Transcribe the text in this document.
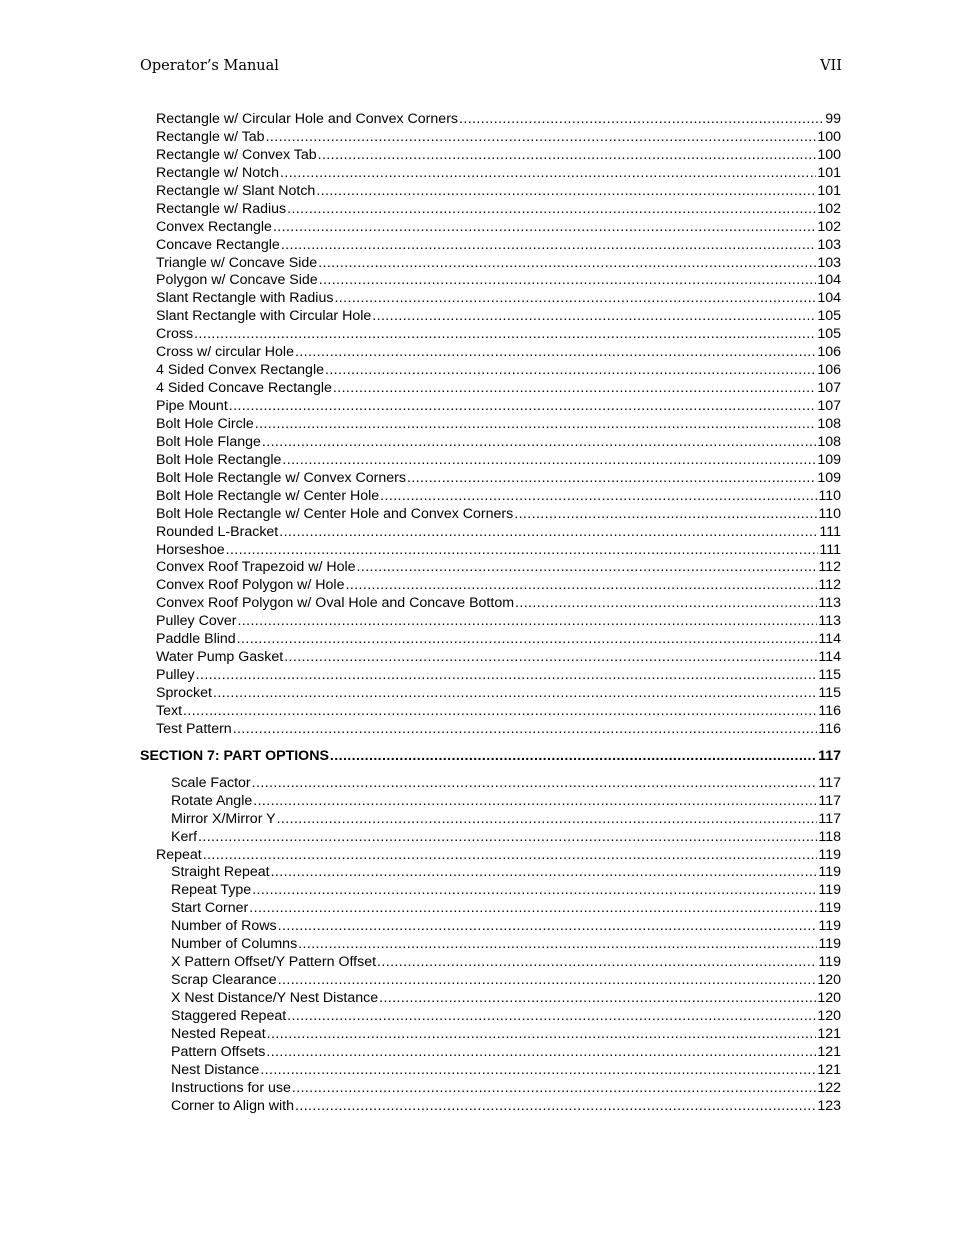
Operator’s Manual	VII
Rectangle w/ Circular Hole and Convex Corners .....	99
Rectangle w/ Tab .....	100
Rectangle w/ Convex Tab .....	100
Rectangle w/ Notch .....	101
Rectangle w/ Slant Notch .....	101
Rectangle w/ Radius .....	102
Convex Rectangle .....	102
Concave Rectangle .....	103
Triangle w/ Concave Side .....	103
Polygon w/ Concave Side .....	104
Slant Rectangle with Radius .....	104
Slant Rectangle with Circular Hole .....	105
Cross .....	105
Cross w/ circular Hole .....	106
4 Sided Convex Rectangle .....	106
4 Sided Concave Rectangle .....	107
Pipe Mount .....	107
Bolt Hole Circle .....	108
Bolt Hole Flange .....	108
Bolt Hole Rectangle .....	109
Bolt Hole Rectangle w/ Convex Corners .....	109
Bolt Hole Rectangle w/ Center Hole .....	110
Bolt Hole Rectangle w/ Center Hole and Convex Corners .....	110
Rounded L-Bracket .....	111
Horseshoe .....	111
Convex Roof Trapezoid w/ Hole .....	112
Convex Roof Polygon w/ Hole .....	112
Convex Roof Polygon w/ Oval Hole and Concave Bottom .....	113
Pulley Cover .....	113
Paddle Blind .....	114
Water Pump Gasket .....	114
Pulley .....	115
Sprocket .....	115
Text .....	116
Test Pattern .....	116
SECTION 7: PART OPTIONS .....	117
Scale Factor .....	117
Rotate Angle .....	117
Mirror X/Mirror Y .....	117
Kerf .....	118
Repeat .....	119
Straight Repeat .....	119
Repeat Type .....	119
Start Corner .....	119
Number of Rows .....	119
Number of Columns .....	119
X Pattern Offset/Y Pattern Offset .....	119
Scrap Clearance .....	120
X Nest Distance/Y Nest Distance .....	120
Staggered Repeat .....	120
Nested Repeat .....	121
Pattern Offsets .....	121
Nest Distance .....	121
Instructions for use .....	122
Corner to Align with .....	123
